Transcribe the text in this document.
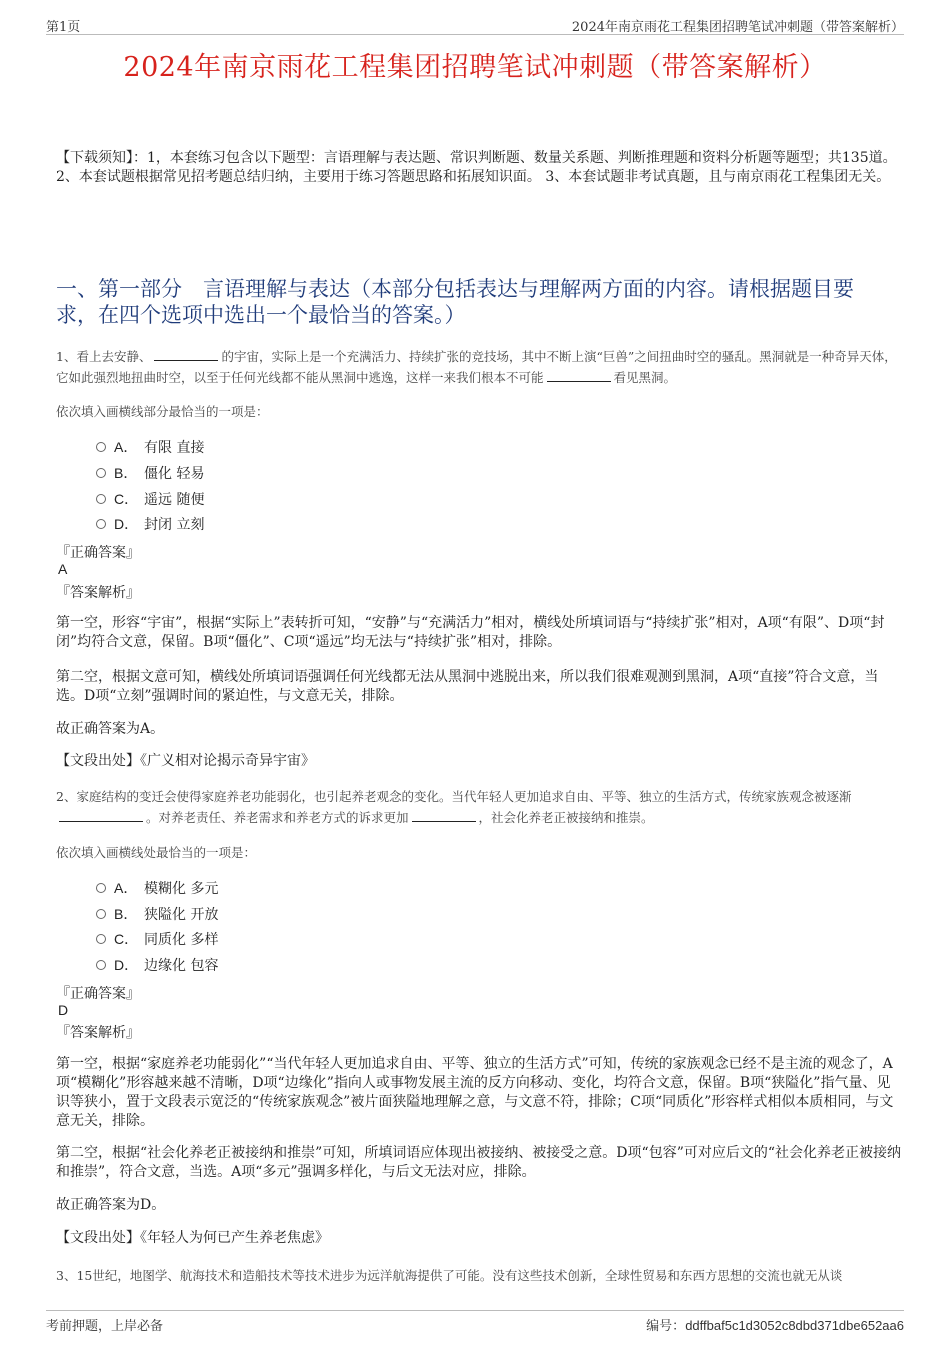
第1页	2024年南京雨花工程集团招聘笔试冲刺题（带答案解析）
2024年南京雨花工程集团招聘笔试冲刺题（带答案解析）
【下载须知】：1，本套练习包含以下题型：言语理解与表达题、常识判断题、数量关系题、判断推理题和资料分析题等题型；共135道。 2、本套试题根据常见招考题总结归纳，主要用于练习答题思路和拓展知识面。 3、本套试题非考试真题，且与南京雨花工程集团无关。
一、第一部分　言语理解与表达（本部分包括表达与理解两方面的内容。请根据题目要求，在四个选项中选出一个最恰当的答案。）
1、看上去安静、	的宇宙，实际上是一个充满活力、持续扩张的竞技场，其中不断上演“巨兽”之间扭曲时空的骚乱。黑洞就是一种奇异天体，它如此强烈地扭曲时空，以至于任何光线都不能从黑洞中逃逸，这样一来我们根本不可能	看见黑洞。
依次填入画横线部分最恰当的一项是：
A． 有限 直接
B． 僵化 轻易
C． 遥远 随便
D． 封闭 立刻
『正确答案』
A
『答案解析』
第一空，形容“宇宙”，根据“实际上”表转折可知，“安静”与“充满活力”相对，横线处所填词语与“持续扩张”相对，A项“有限”、D项“封闭”均符合文意，保留。B项“僵化”、C项“遥远”均无法与“持续扩张”相对，排除。
第二空，根据文意可知，横线处所填词语强调任何光线都无法从黑洞中逃脱出来，所以我们很难观测到黑洞，A项“直接”符合文意，当选。D项“立刻”强调时间的紧迫性，与文意无关，排除。
故正确答案为A。
【文段出处】《广义相对论揭示奇异宇宙》
2、家庭结构的变迁会使得家庭养老功能弱化，也引起养老观念的变化。当代年轻人更加追求自由、平等、独立的生活方式，传统家族观念被逐渐。对养老责任、养老需求和养老方式的诉求更加	，社会化养老正被接纳和推崇。
依次填入画横线处最恰当的一项是：
A． 模糊化 多元
B． 狭隘化 开放
C． 同质化 多样
D． 边缘化 包容
『正确答案』
D
『答案解析』
第一空，根据“家庭养老功能弱化”“当代年轻人更加追求自由、平等、独立的生活方式”可知，传统的家族观念已经不是主流的观念了，A项“模糊化”形容越来越不清晰，D项“边缘化”指向人或事物发展主流的反方向移动、变化，均符合文意，保留。B项“狭隘化”指气量、见识等狭小，置于文段表示宽泛的“传统家族观念”被片面狭隘地理解之意，与文意不符，排除；C项“同质化”形容样式相似本质相同，与文意无关，排除。
第二空，根据“社会化养老正被接纳和推崇”可知，所填词语应体现出被接纳、被接受之意。D项“包容”可对应后文的“社会化养老正被接纳和推崇”，符合文意，当选。A项“多元”强调多样化，与后文无法对应，排除。
故正确答案为D。
【文段出处】《年轻人为何已产生养老焦虑》
3、15世纪，地图学、航海技术和造船技术等技术进步为远洋航海提供了可能。没有这些技术创新，全球性贸易和东西方思想的交流也就无从谈
考前押题，上岸必备	编号：ddffbaf5c1d3052c8dbd371dbe652aa6
